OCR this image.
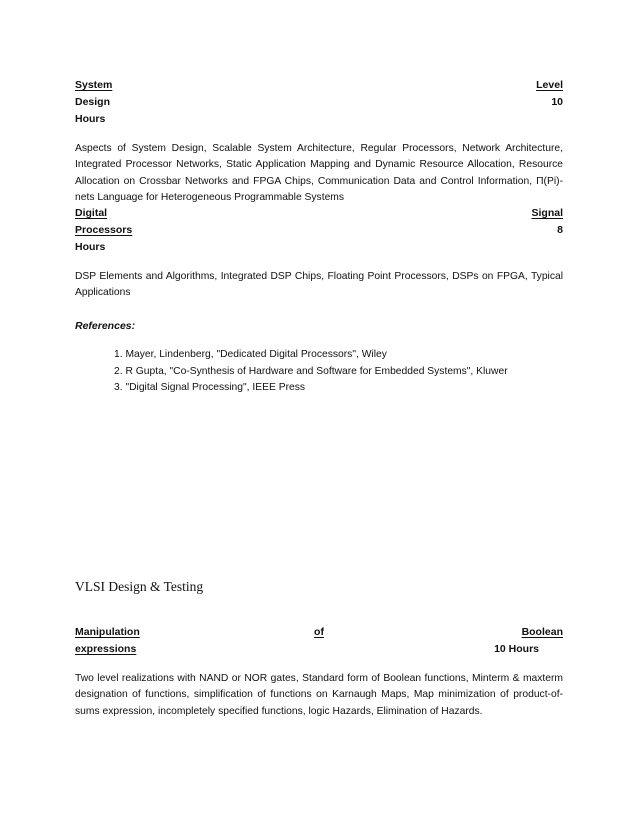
System	Level
Design	10
Hours

Aspects of System Design, Scalable System Architecture, Regular Processors, Network Architecture, Integrated Processor Networks, Static Application Mapping and Dynamic Resource Allocation, Resource Allocation on Crossbar Networks and FPGA Chips, Communication Data and Control Information, Π(Pi)-nets Language for Heterogeneous Programmable Systems

Digital	Signal
Processors	8
Hours

DSP Elements and Algorithms, Integrated DSP Chips, Floating Point Processors, DSPs on FPGA, Typical Applications

References:
1. Mayer, Lindenberg, "Dedicated Digital Processors", Wiley
2. R Gupta, "Co-Synthesis of Hardware and Software for Embedded Systems", Kluwer
3. "Digital Signal Processing", IEEE Press
VLSI Design & Testing
Manipulation	of	Boolean
expressions	10 Hours

Two level realizations with NAND or NOR gates, Standard form of Boolean functions, Minterm & maxterm designation of functions, simplification of functions on Karnaugh Maps, Map minimization of product-of-sums expression, incompletely specified functions, logic Hazards, Elimination of Hazards.
